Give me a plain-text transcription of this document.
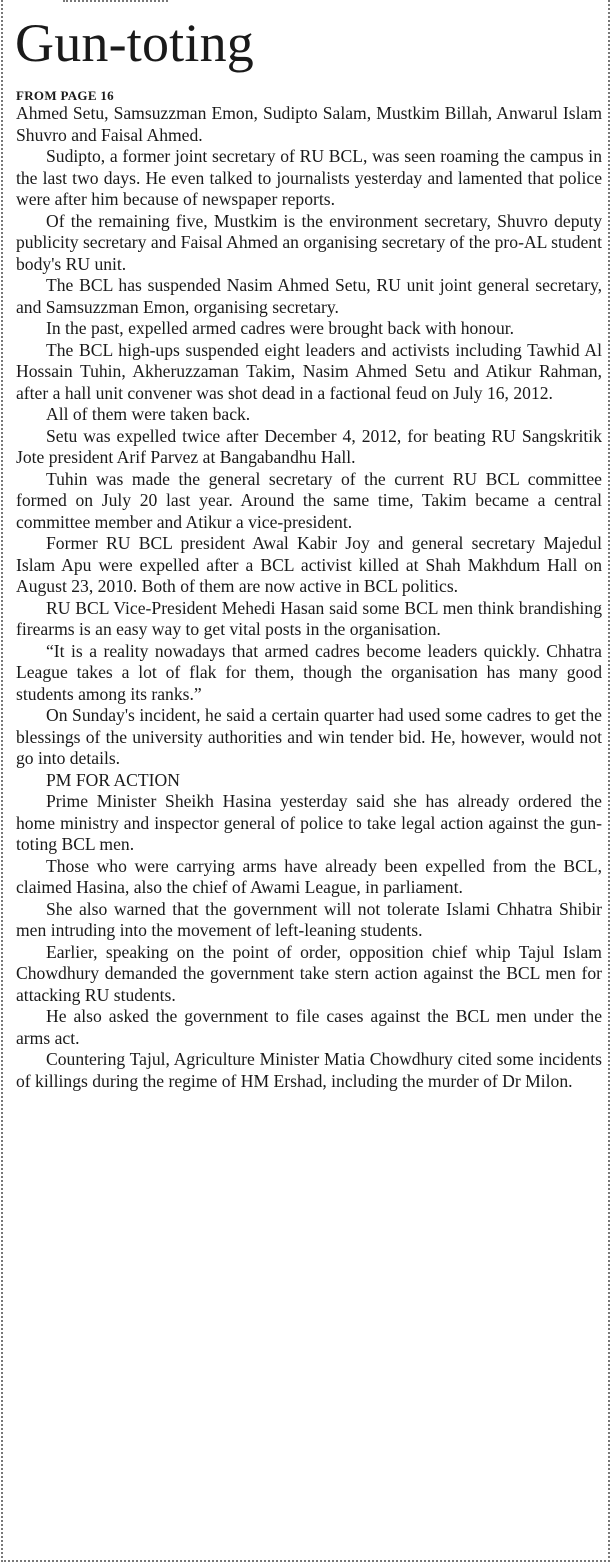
Gun-toting
FROM PAGE 16

Ahmed Setu, Samsuzzman Emon, Sudipto Salam, Mustkim Billah, Anwarul Islam Shuvro and Faisal Ahmed.

Sudipto, a former joint secretary of RU BCL, was seen roaming the campus in the last two days. He even talked to journalists yesterday and lamented that police were after him because of newspaper reports.

Of the remaining five, Mustkim is the environment secretary, Shuvro deputy publicity secretary and Faisal Ahmed an organising secretary of the pro-AL student body's RU unit.

The BCL has suspended Nasim Ahmed Setu, RU unit joint general secretary, and Samsuzzman Emon, organising secretary.

In the past, expelled armed cadres were brought back with honour.

The BCL high-ups suspended eight leaders and activists including Tawhid Al Hossain Tuhin, Akheruzzaman Takim, Nasim Ahmed Setu and Atikur Rahman, after a hall unit convener was shot dead in a factional feud on July 16, 2012.

All of them were taken back.

Setu was expelled twice after December 4, 2012, for beating RU Sangskritik Jote president Arif Parvez at Bangabandhu Hall.

Tuhin was made the general secretary of the current RU BCL committee formed on July 20 last year. Around the same time, Takim became a central committee member and Atikur a vice-president.

Former RU BCL president Awal Kabir Joy and general secretary Majedul Islam Apu were expelled after a BCL activist killed at Shah Makhdum Hall on August 23, 2010. Both of them are now active in BCL politics.

RU BCL Vice-President Mehedi Hasan said some BCL men think brandishing firearms is an easy way to get vital posts in the organisation.

“It is a reality nowadays that armed cadres become leaders quickly. Chhatra League takes a lot of flak for them, though the organisation has many good students among its ranks.”

On Sunday's incident, he said a certain quarter had used some cadres to get the blessings of the university authorities and win tender bid. He, however, would not go into details.

PM FOR ACTION

Prime Minister Sheikh Hasina yesterday said she has already ordered the home ministry and inspector general of police to take legal action against the gun-toting BCL men.

Those who were carrying arms have already been expelled from the BCL, claimed Hasina, also the chief of Awami League, in parliament.

She also warned that the government will not tolerate Islami Chhatra Shibir men intruding into the movement of left-leaning students.

Earlier, speaking on the point of order, opposition chief whip Tajul Islam Chowdhury demanded the government take stern action against the BCL men for attacking RU students.

He also asked the government to file cases against the BCL men under the arms act.

Countering Tajul, Agriculture Minister Matia Chowdhury cited some incidents of killings during the regime of HM Ershad, including the murder of Dr Milon.
